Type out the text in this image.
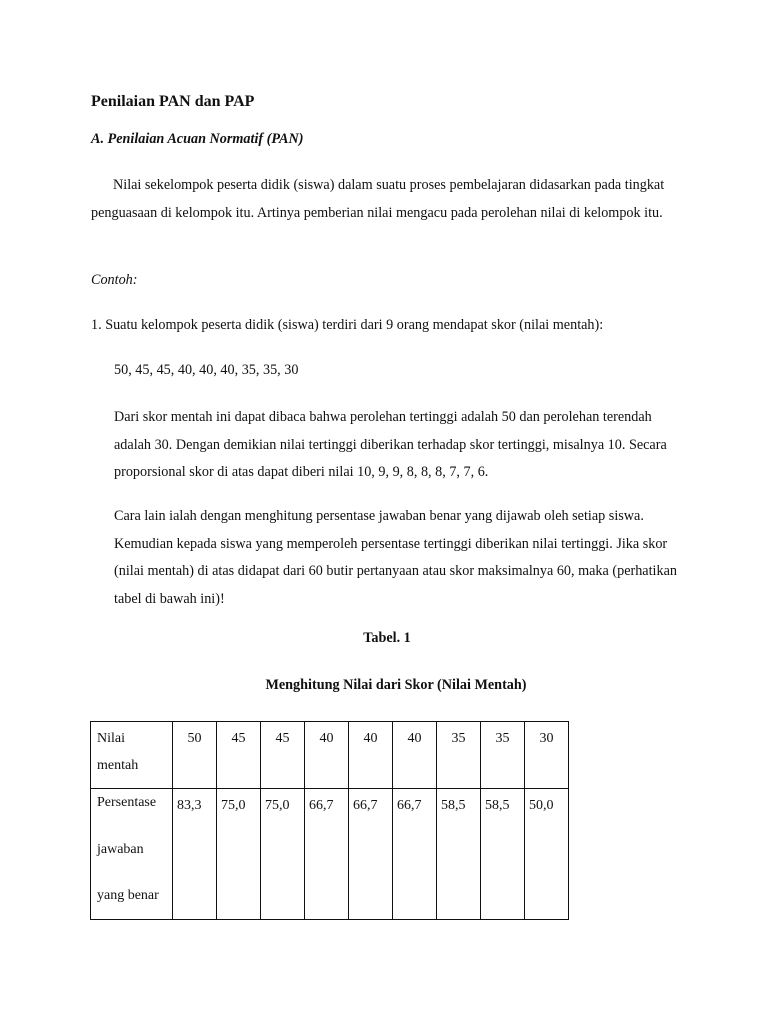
Penilaian PAN dan PAP

A. Penilaian Acuan Normatif (PAN)

Nilai sekelompok peserta didik (siswa) dalam suatu proses pembelajaran didasarkan pada tingkat penguasaan di kelompok itu. Artinya pemberian nilai mengacu pada perolehan nilai di kelompok itu.

Contoh:

1. Suatu kelompok peserta didik (siswa) terdiri dari 9 orang mendapat skor (nilai mentah):

50, 45, 45, 40, 40, 40, 35, 35, 30

Dari skor mentah ini dapat dibaca bahwa perolehan tertinggi adalah 50 dan perolehan terendah adalah 30. Dengan demikian nilai tertinggi diberikan terhadap skor tertinggi, misalnya 10. Secara proporsional skor di atas dapat diberi nilai 10, 9, 9, 8, 8, 8, 7, 7, 6.

Cara lain ialah dengan menghitung persentase jawaban benar yang dijawab oleh setiap siswa. Kemudian kepada siswa yang memperoleh persentase tertinggi diberikan nilai tertinggi. Jika skor (nilai mentah) di atas didapat dari 60 butir pertanyaan atau skor maksimalnya 60, maka (perhatikan tabel di bawah ini)!

Tabel. 1

Menghitung Nilai dari Skor (Nilai Mentah)

Nilai
mentah	50	45	45	40	40	40	35	35	30

Persentase
jawaban
yang benar	83,3	75,0	75,0	66,7	66,7	66,7	58,5	58,5	50,0
